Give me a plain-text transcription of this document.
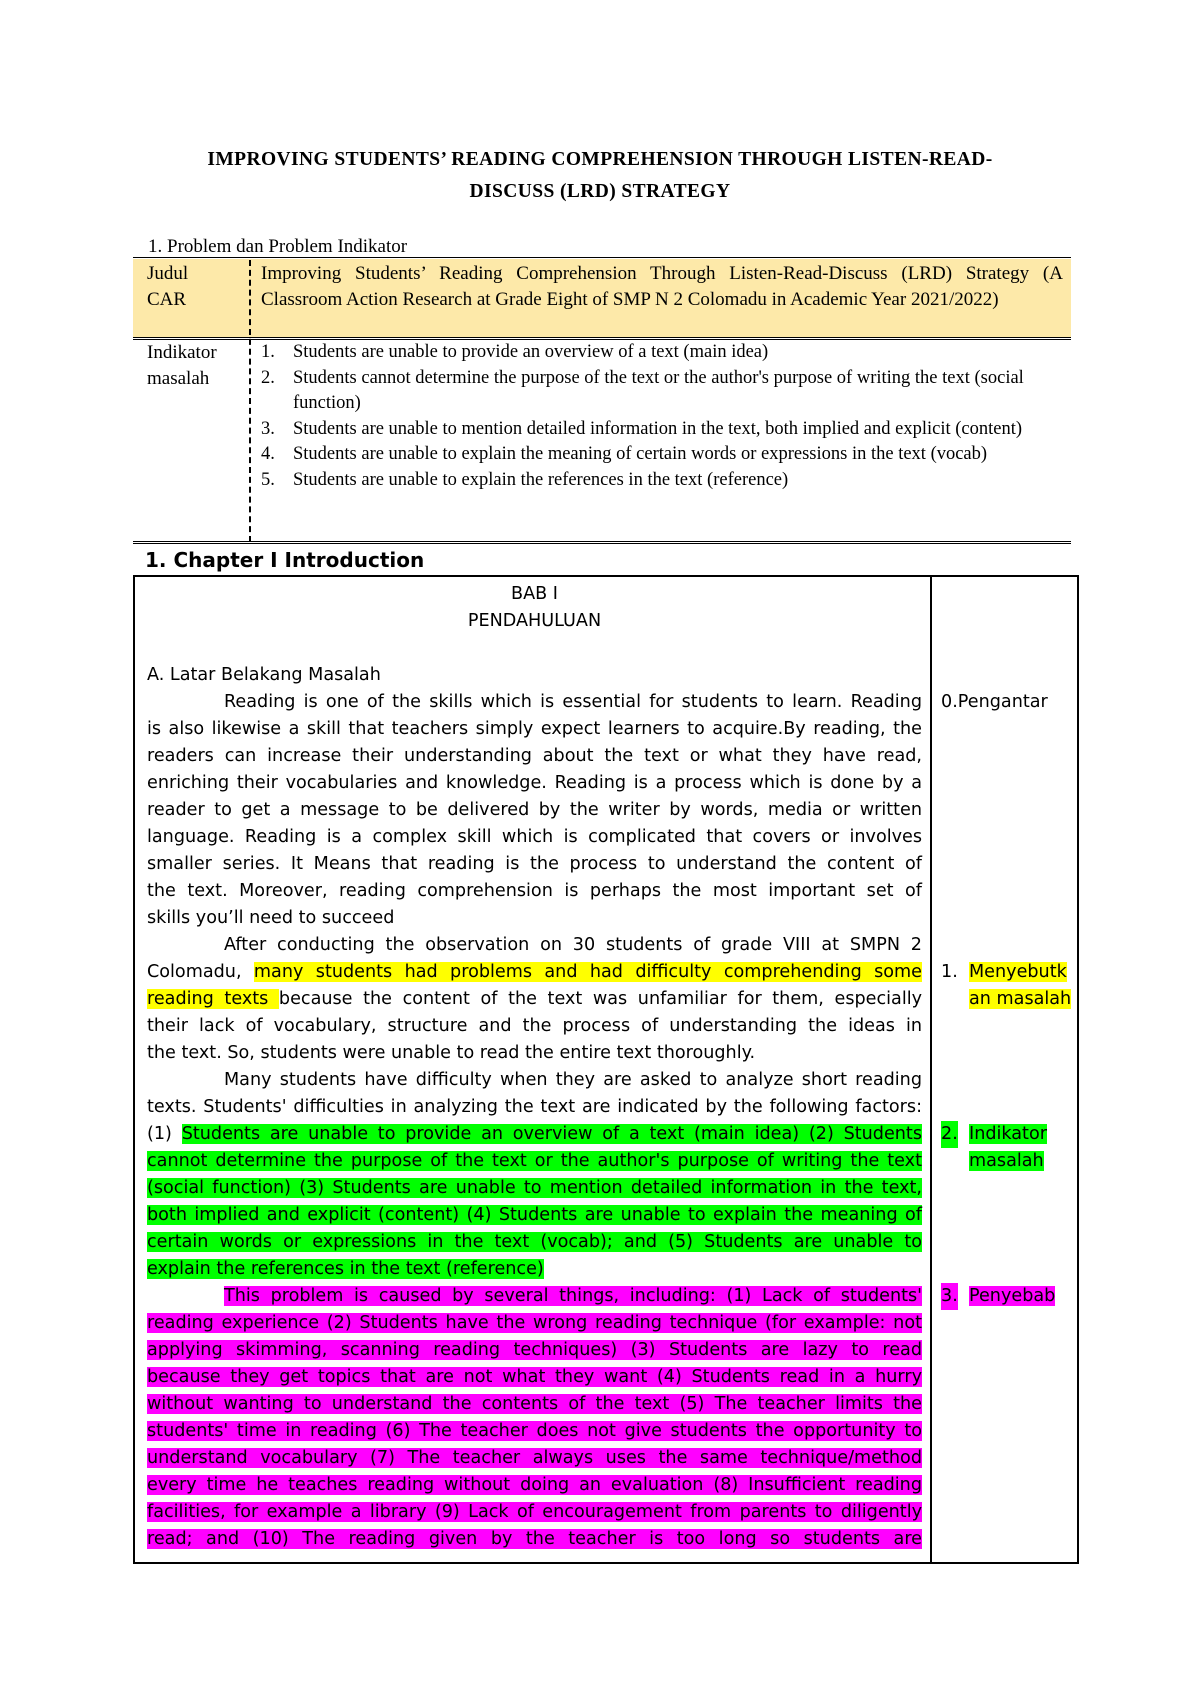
IMPROVING STUDENTS’ READING COMPREHENSION THROUGH LISTEN-READ-
DISCUSS (LRD) STRATEGY
1. Problem dan Problem Indikator
Judul
CAR
Improving Students’ Reading Comprehension Through Listen-Read-Discuss (LRD) Strategy (A Classroom Action Research at Grade Eight of SMP N 2 Colomadu in Academic Year 2021/2022)
Indikator
masalah
1. Students are unable to provide an overview of a text (main idea)
2. Students cannot determine the purpose of the text or the author's purpose of writing the text (social function)
3. Students are unable to mention detailed information in the text, both implied and explicit (content)
4. Students are unable to explain the meaning of certain words or expressions in the text (vocab)
5. Students are unable to explain the references in the text (reference)
1. Chapter I Introduction
BAB I
PENDAHULUAN
A. Latar Belakang Masalah
Reading is one of the skills which is essential for students to learn. Reading
is also likewise a skill that teachers simply expect learners to acquire.By reading, the
readers can increase their understanding about the text or what they have read,
enriching their vocabularies and knowledge. Reading is a process which is done by a
reader to get a message to be delivered by the writer by words, media or written
language. Reading is a complex skill which is complicated that covers or involves
smaller series. It Means that reading is the process to understand the content of
the text. Moreover, reading comprehension is perhaps the most important set of
skills you’ll need to succeed
After conducting the observation on 30 students of grade VIII at SMPN 2
Colomadu, many students had problems and had difficulty comprehending some
reading texts because the content of the text was unfamiliar for them, especially
their lack of vocabulary, structure and the process of understanding the ideas in
the text. So, students were unable to read the entire text thoroughly.
Many students have difficulty when they are asked to analyze short reading
texts. Students' difficulties in analyzing the text are indicated by the following factors:
(1) Students are unable to provide an overview of a text (main idea) (2) Students
cannot determine the purpose of the text or the author's purpose of writing the text
(social function) (3) Students are unable to mention detailed information in the text,
both implied and explicit (content) (4) Students are unable to explain the meaning of
certain words or expressions in the text (vocab); and (5) Students are unable to
explain the references in the text (reference)
This problem is caused by several things, including: (1) Lack of students'
reading experience (2) Students have the wrong reading technique (for example: not
applying skimming, scanning reading techniques) (3) Students are lazy to read
because they get topics that are not what they want (4) Students read in a hurry
without wanting to understand the contents of the text (5) The teacher limits the
students' time in reading (6) The teacher does not give students the opportunity to
understand vocabulary (7) The teacher always uses the same technique/method
every time he teaches reading without doing an evaluation (8) Insufficient reading
facilities, for example a library (9) Lack of encouragement from parents to diligently
read; and (10) The reading given by the teacher is too long so students are
0.Pengantar
1. Menyebutk
an masalah
2. Indikator
masalah
3. Penyebab
